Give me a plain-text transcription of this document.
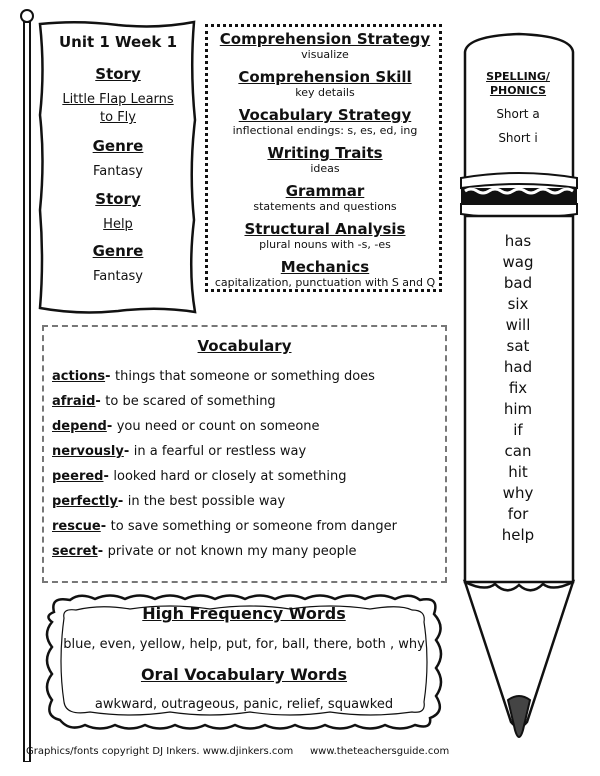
Unit 1 Week 1
Story
Little Flap Learns
to Fly
Genre
Fantasy
Story
Help
Genre
Fantasy
Comprehension Strategy
visualize
Comprehension Skill
key details
Vocabulary Strategy
inflectional endings: s, es, ed, ing
Writing Traits
ideas
Grammar
statements and questions
Structural Analysis
plural nouns with -s, -es
Mechanics
capitalization, punctuation with S and Q
Vocabulary
actions- things that someone or something does
afraid- to be scared of something
depend- you need or count on someone
nervously- in a fearful or restless way
peered- looked hard or closely at something
perfectly- in the best possible way
rescue- to save something or someone from danger
secret- private or not known my many people
High Frequency Words
blue, even, yellow, help, put, for, ball, there, both , why
Oral Vocabulary Words
awkward, outrageous, panic, relief, squawked
SPELLING/
PHONICS
Short a
Short i
has
wag
bad
six
will
sat
had
fix
him
if
can
hit
why
for
help
Graphics/fonts copyright DJ Inkers. www.djinkers.com www.theteachersguide.com
